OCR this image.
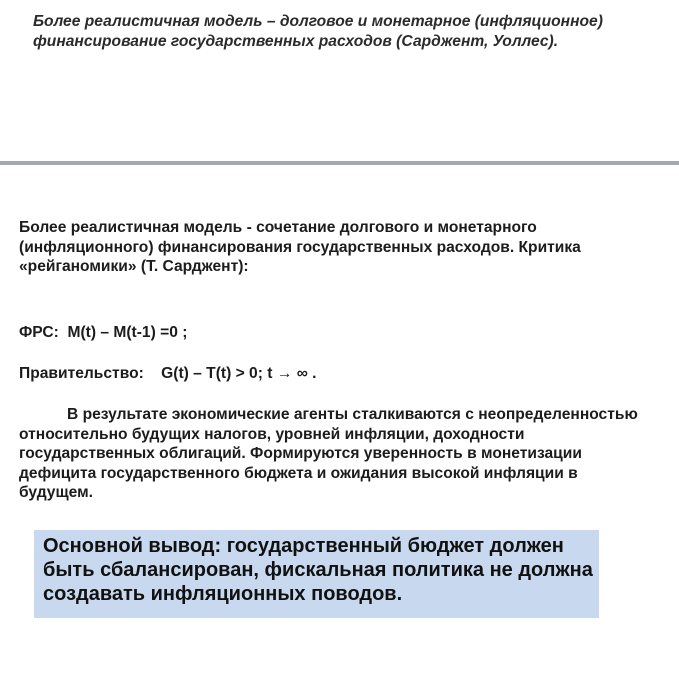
Более реалистичная модель – долговое и монетарное (инфляционное) финансирование государственных расходов (Сарджент, Уоллес).

Более реалистичная модель - сочетание долгового и монетарного (инфляционного) финансирования государственных расходов. Критика «рейганомики» (Т. Сарджент):

ФРС: M(t) – M(t-1) =0 ;

Правительство: G(t) – T(t) > 0; t → ∞ .

В результате экономические агенты сталкиваются с неопределенностью относительно будущих налогов, уровней инфляции, доходности государственных облигаций. Формируются уверенность в монетизации дефицита государственного бюджета и ожидания высокой инфляции в будущем.

Основной вывод: государственный бюджет должен быть сбалансирован, фискальная политика не должна создавать инфляционных поводов.
